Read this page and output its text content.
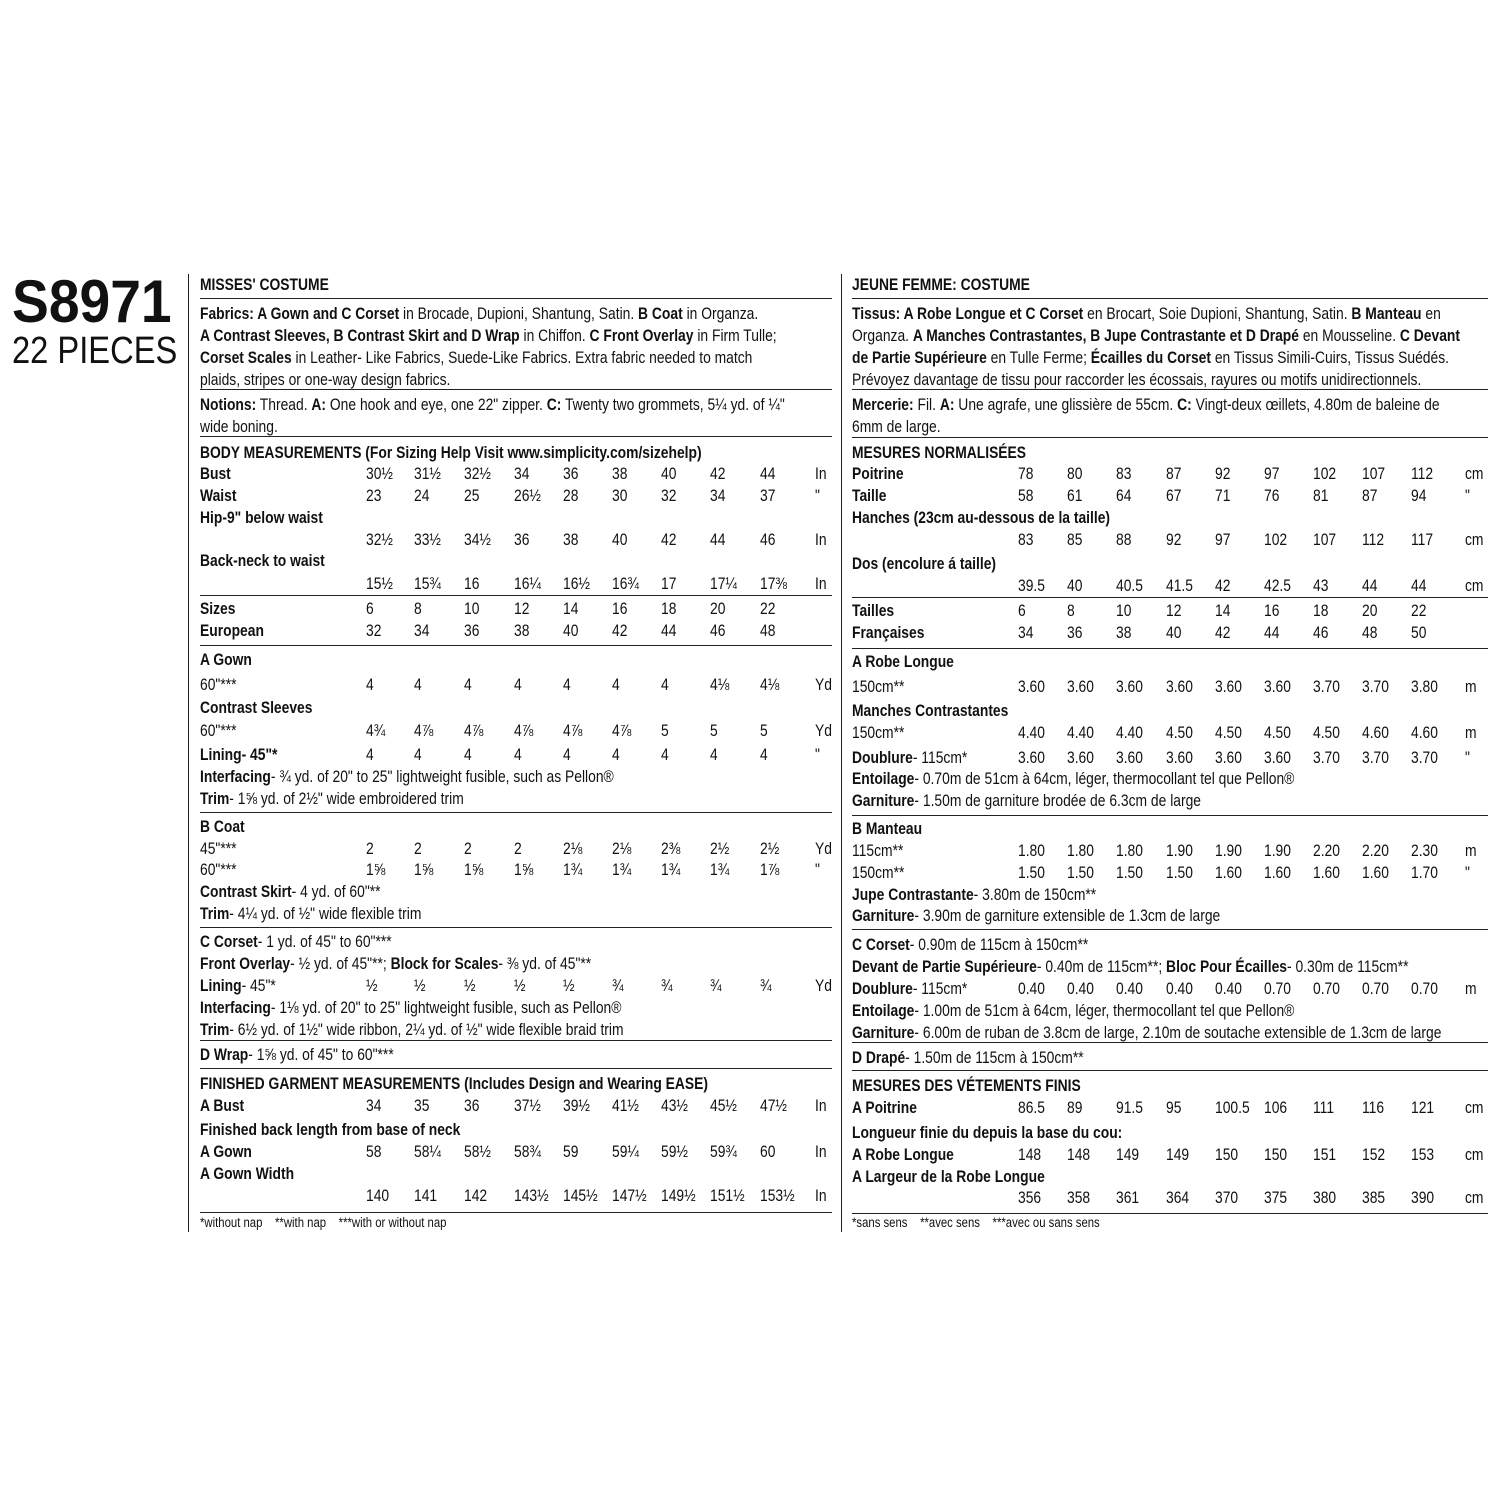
S8971
22 PIECES
MISSES' COSTUME
Fabrics: A Gown and C Corset in Brocade, Dupioni, Shantung, Satin. B Coat in Organza.
A Contrast Sleeves, B Contrast Skirt and D Wrap in Chiffon. C Front Overlay in Firm Tulle;
Corset Scales in Leather- Like Fabrics, Suede-Like Fabrics. Extra fabric needed to match
plaids, stripes or one-way design fabrics.
Notions: Thread. A: One hook and eye, one 22" zipper. C: Twenty two grommets, 5¼ yd. of ¼"
wide boning.
BODY MEASUREMENTS (For Sizing Help Visit www.simplicity.com/sizehelp)
Bust	30½ 31½ 32½ 34 36 38 40 42 44 In
Waist	23 24 25 26½ 28 30 32 34 37 "
Hip-9" below waist
32½ 33½ 34½ 36 38 40 42 44 46 In
Back-neck to waist
15½ 15¾ 16 16¼ 16½ 16¾ 17 17¼ 17⅜ In
Sizes	6 8	10 12 14 16 18 20 22
European	32 34 36 38 40 42 44 46 48
A Gown
60"***	4 4	4	4	4	4	4	4⅛ 4⅛ Yd
Contrast Sleeves
60"***	4¾ 4⅞ 4⅞ 4⅞ 4⅞ 4⅞ 5	5	5	Yd
Lining- 45"*	4 4	4	4	4	4	4	4	4	"
Interfacing- ¾ yd. of 20" to 25" lightweight fusible, such as Pellon®
Trim- 1⅝ yd. of 2½" wide embroidered trim
B Coat
45"***	2 2	2	2	2⅛ 2⅛ 2⅜ 2½ 2½ Yd
60"***	1⅝ 1⅝ 1⅝ 1⅝ 1¾ 1¾ 1¾ 1¾ 1⅞ "
Contrast Skirt- 4 yd. of 60"**
Trim- 4¼ yd. of ½" wide flexible trim
C Corset- 1 yd. of 45" to 60"***
Front Overlay- ½ yd. of 45"**; Block for Scales- ⅜ yd. of 45"**
Lining- 45"*	½ ½ ½ ½ ½ ¾ ¾ ¾ ¾	Yd
Interfacing- 1⅛ yd. of 20" to 25" lightweight fusible, such as Pellon®
Trim- 6½ yd. of 1½" wide ribbon, 2¼ yd. of ½" wide flexible braid trim
D Wrap- 1⅝ yd. of 45" to 60"***
FINISHED GARMENT MEASUREMENTS (Includes Design and Wearing EASE)
A Bust	34 35 36 37½ 39½ 41½ 43½ 45½ 47½ In
Finished back length from base of neck
A Gown	58 58¼ 58½ 58¾ 59 59¼ 59½ 59¾ 60 In
A Gown Width
140 141 142 143½ 145½ 147½ 149½ 151½ 153½ In
*without nap    **with nap    ***with or without nap
JEUNE FEMME: COSTUME
Tissus: A Robe Longue et C Corset en Brocart, Soie Dupioni, Shantung, Satin. B Manteau en
Organza. A Manches Contrastantes, B Jupe Contrastante et D Drapé en Mousseline. C Devant
de Partie Supérieure en Tulle Ferme; Écailles du Corset en Tissus Simili-Cuirs, Tissus Suédés.
Prévoyez davantage de tissu pour raccorder les écossais, rayures ou motifs unidirectionnels.
Mercerie: Fil. A: Une agrafe, une glissière de 55cm. C: Vingt-deux œillets, 4.80m de baleine de
6mm de large.
MESURES NORMALISÉES
Poitrine	78 80 83 87 92 97 102 107 112 cm
Taille	58 61 64 67 71 76 81 87 94 "
Hanches (23cm au-dessous de la taille)
83 85 88 92 97 102 107 112 117 cm
Dos (encolure á taille)
39.5 40 40.5 41.5 42 42.5 43 44 44 cm
Tailles	6	8	10 12 14 16 18 20 22
Françaises	34 36 38 40 42 44 46 48 50
A Robe Longue
150cm**	3.60 3.60 3.60 3.60 3.60 3.60 3.70 3.70 3.80 m
Manches Contrastantes
150cm**	4.40 4.40 4.40 4.50 4.50 4.50 4.50 4.60 4.60 m
Doublure- 115cm*	3.60 3.60 3.60 3.60 3.60 3.60 3.70 3.70 3.70 "
Entoilage- 0.70m de 51cm à 64cm, léger, thermocollant tel que Pellon®
Garniture- 1.50m de garniture brodée de 6.3cm de large
B Manteau
115cm**	1.80 1.80 1.80 1.90 1.90 1.90 2.20 2.20 2.30 m
150cm**	1.50 1.50 1.50 1.50 1.60 1.60 1.60 1.60 1.70 "
Jupe Contrastante- 3.80m de 150cm**
Garniture- 3.90m de garniture extensible de 1.3cm de large
C Corset- 0.90m de 115cm à 150cm**
Devant de Partie Supérieure- 0.40m de 115cm**; Bloc Pour Écailles- 0.30m de 115cm**
Doublure- 115cm*	0.40 0.40 0.40 0.40 0.40 0.70 0.70 0.70 0.70 m
Entoilage- 1.00m de 51cm à 64cm, léger, thermocollant tel que Pellon®
Garniture- 6.00m de ruban de 3.8cm de large, 2.10m de soutache extensible de 1.3cm de large
D Drapé- 1.50m de 115cm à 150cm**
MESURES DES VÉTEMENTS FINIS
A Poitrine	86.5 89 91.5 95 100.5 106 111 116 121 cm
Longueur finie du depuis la base du cou:
A Robe Longue	148 148 149 149 150 150 151 152 153 cm
A Largeur de la Robe Longue
356 358 361 364 370 375 380 385 390 cm
*sans sens    **avec sens    ***avec ou sans sens
